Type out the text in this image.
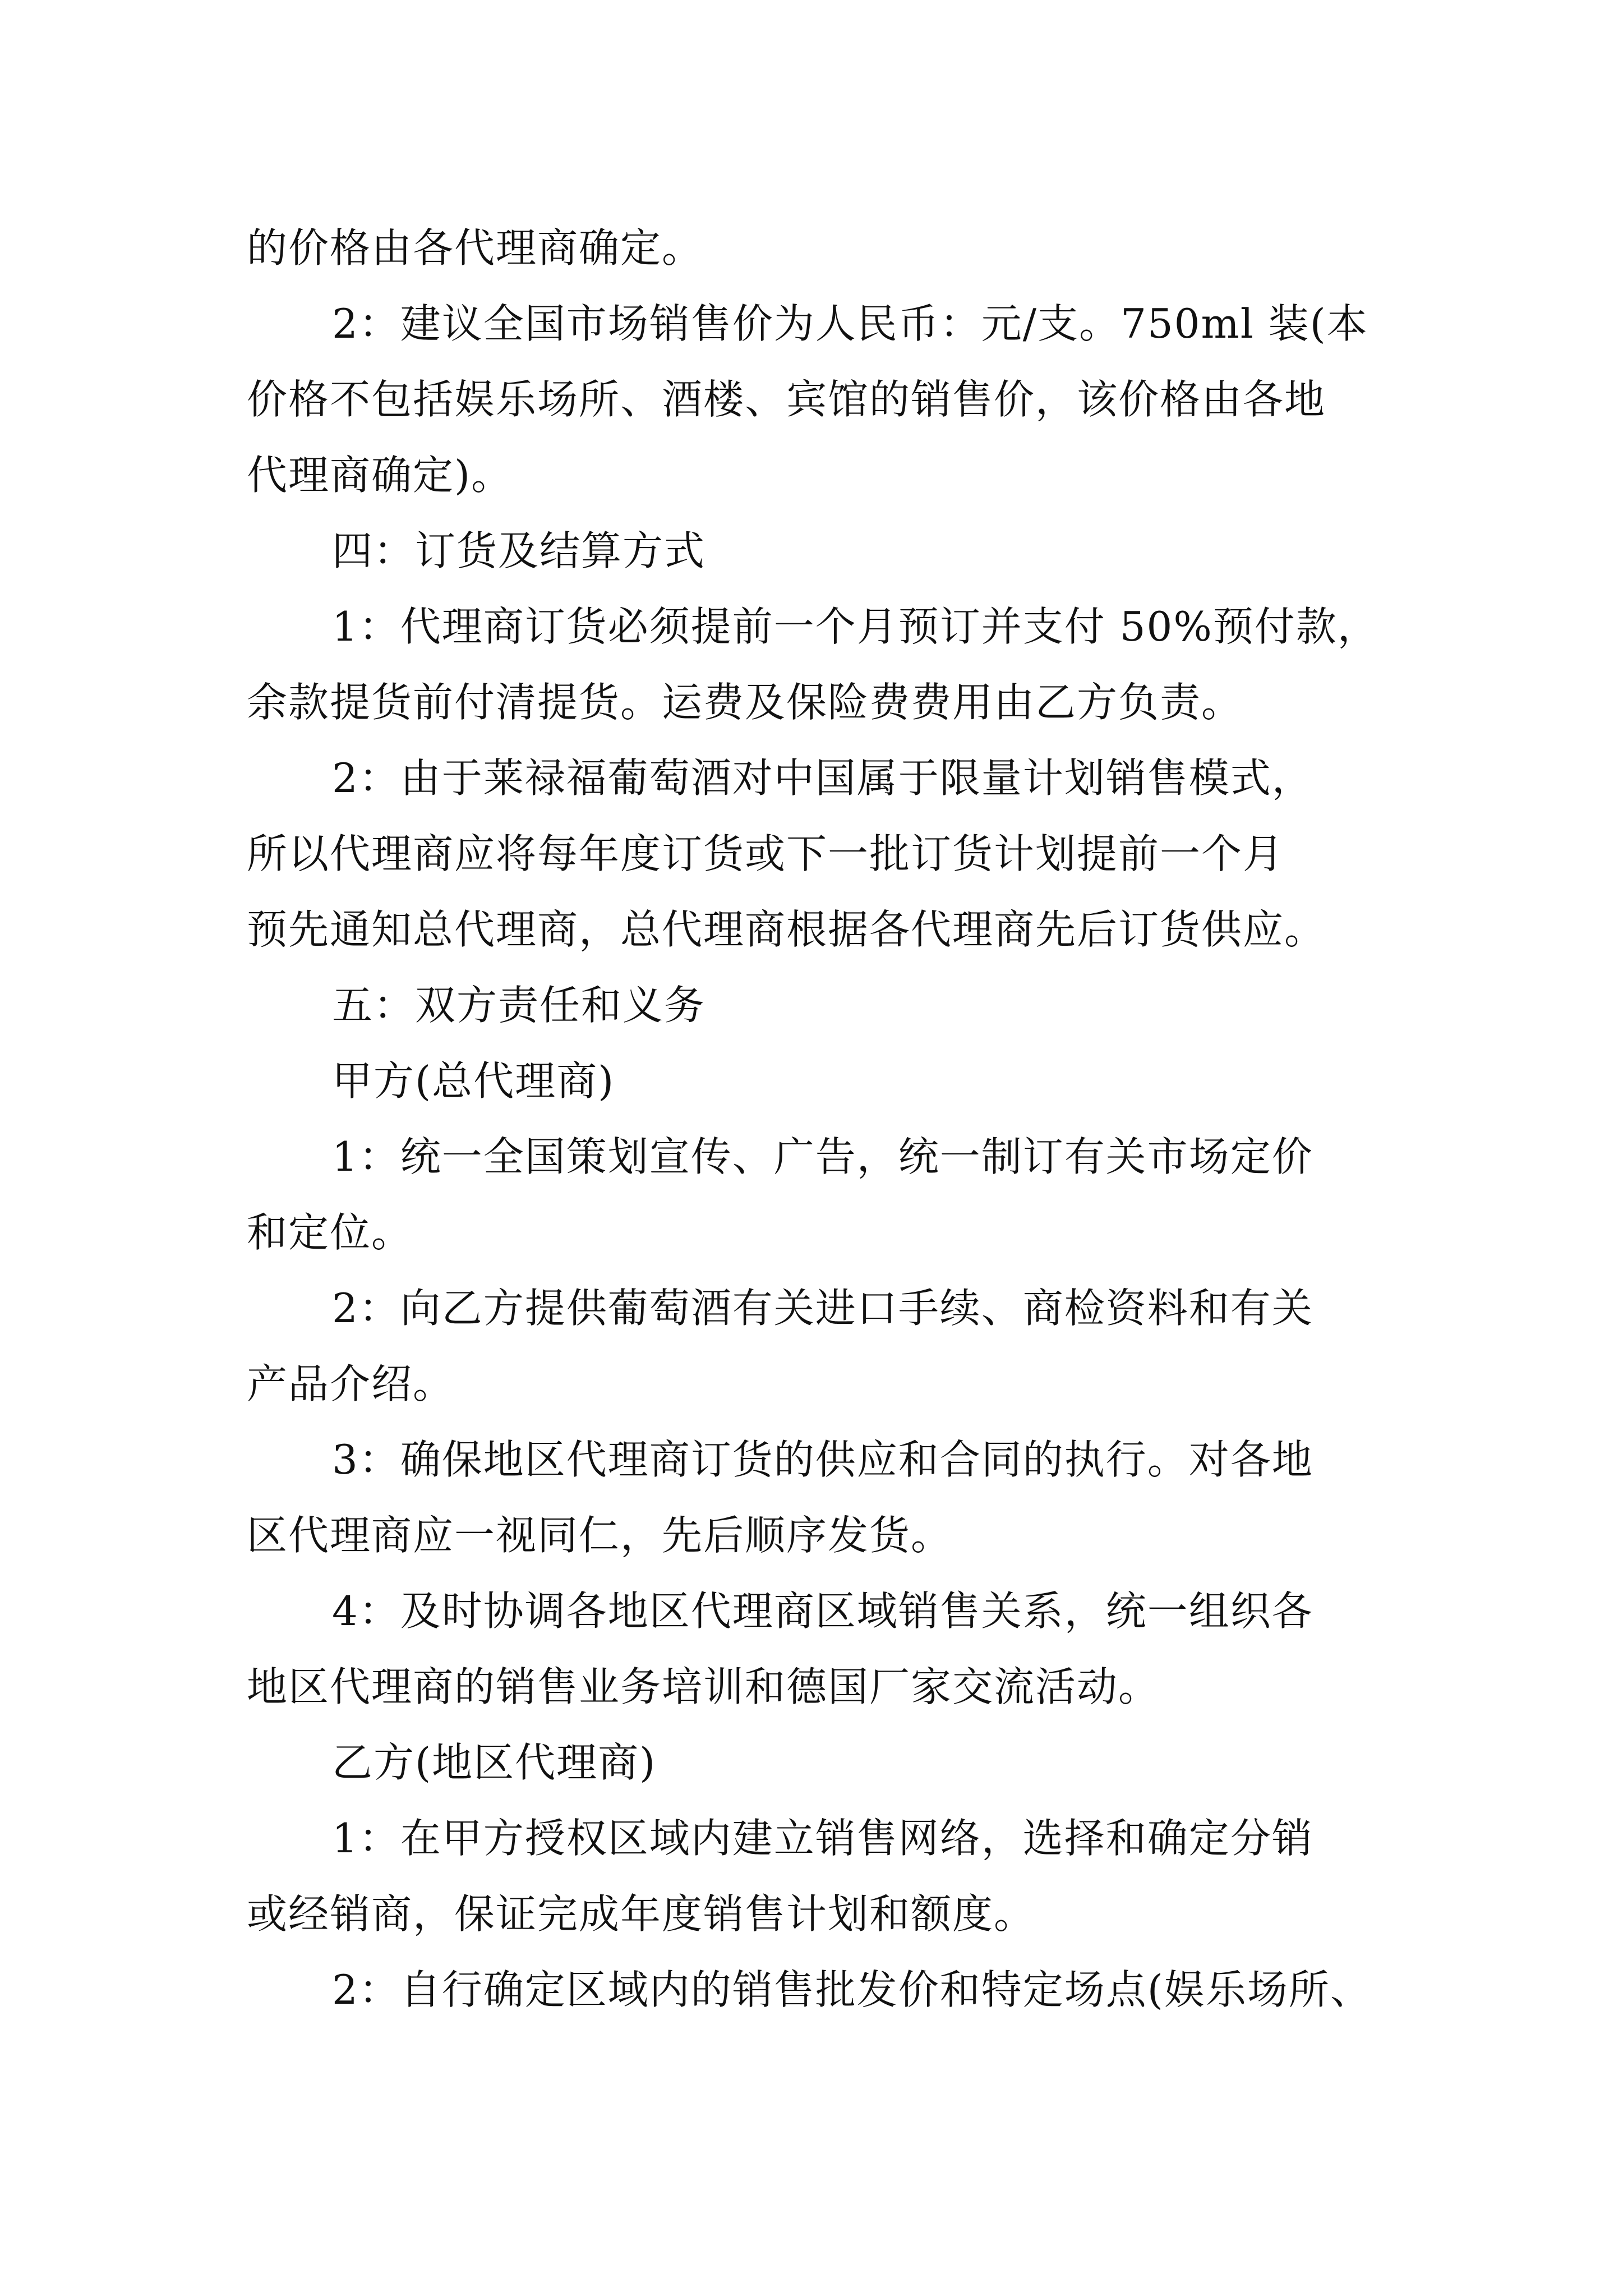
的价格由各代理商确定。
2：建议全国市场销售价为人民币：元/支。750ml 装(本
价格不包括娱乐场所、酒楼、宾馆的销售价，该价格由各地
代理商确定)。
四：订货及结算方式
1：代理商订货必须提前一个月预订并支付 50%预付款，
余款提货前付清提货。运费及保险费费用由乙方负责。
2：由于莱禄福葡萄酒对中国属于限量计划销售模式，
所以代理商应将每年度订货或下一批订货计划提前一个月
预先通知总代理商，总代理商根据各代理商先后订货供应。
五：双方责任和义务
甲方(总代理商)
1：统一全国策划宣传、广告，统一制订有关市场定价
和定位。
2：向乙方提供葡萄酒有关进口手续、商检资料和有关
产品介绍。
3：确保地区代理商订货的供应和合同的执行。对各地
区代理商应一视同仁，先后顺序发货。
4：及时协调各地区代理商区域销售关系，统一组织各
地区代理商的销售业务培训和德国厂家交流活动。
乙方(地区代理商)
1：在甲方授权区域内建立销售网络，选择和确定分销
或经销商，保证完成年度销售计划和额度。
2：自行确定区域内的销售批发价和特定场点(娱乐场所、
